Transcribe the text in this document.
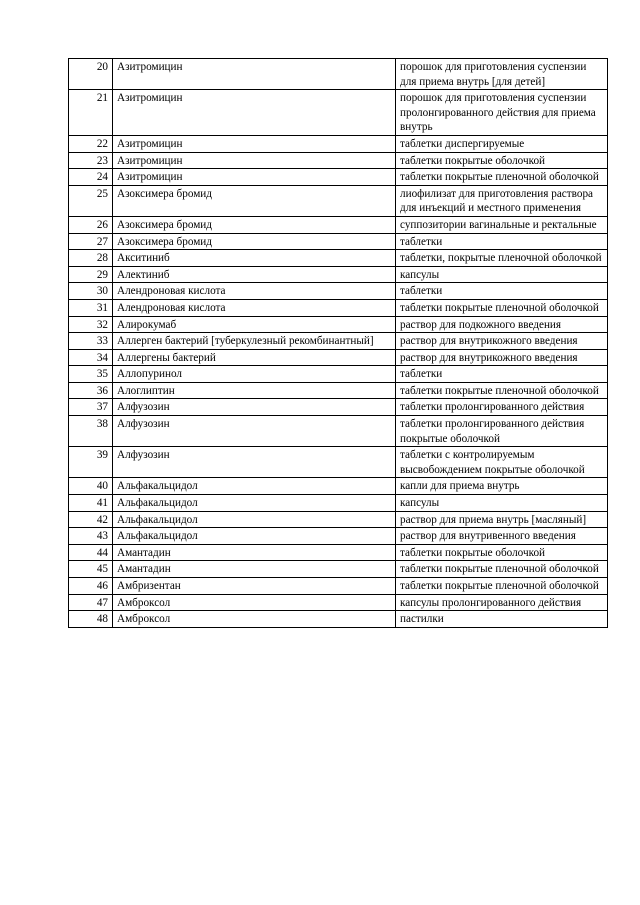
20	Азитромицин	порошок для приготовления суспензии для приема внутрь [для детей]
21	Азитромицин	порошок для приготовления суспензии пролонгированного действия для приема внутрь
22	Азитромицин	таблетки диспергируемые
23	Азитромицин	таблетки покрытые оболочкой
24	Азитромицин	таблетки покрытые пленочной оболочкой
25	Азоксимера бромид	лиофилизат для приготовления раствора для инъекций и местного применения
26	Азоксимера бромид	суппозитории вагинальные и ректальные
27	Азоксимера бромид	таблетки
28	Акситиниб	таблетки, покрытые пленочной оболочкой
29	Алектиниб	капсулы
30	Алендроновая кислота	таблетки
31	Алендроновая кислота	таблетки покрытые пленочной оболочкой
32	Алирокумаб	раствор для подкожного введения
33	Аллерген бактерий [туберкулезный рекомбинантный]	раствор для внутрикожного введения
34	Аллергены бактерий	раствор для внутрикожного введения
35	Аллопуринол	таблетки
36	Алоглиптин	таблетки покрытые пленочной оболочкой
37	Алфузозин	таблетки пролонгированного действия
38	Алфузозин	таблетки пролонгированного действия покрытые оболочкой
39	Алфузозин	таблетки с контролируемым высвобождением покрытые оболочкой
40	Альфакальцидол	капли для приема внутрь
41	Альфакальцидол	капсулы
42	Альфакальцидол	раствор для приема внутрь [масляный]
43	Альфакальцидол	раствор для внутривенного введения
44	Амантадин	таблетки покрытые оболочкой
45	Амантадин	таблетки покрытые пленочной оболочкой
46	Амбризентан	таблетки покрытые пленочной оболочкой
47	Амброксол	капсулы пролонгированного действия
48	Амброксол	пастилки
